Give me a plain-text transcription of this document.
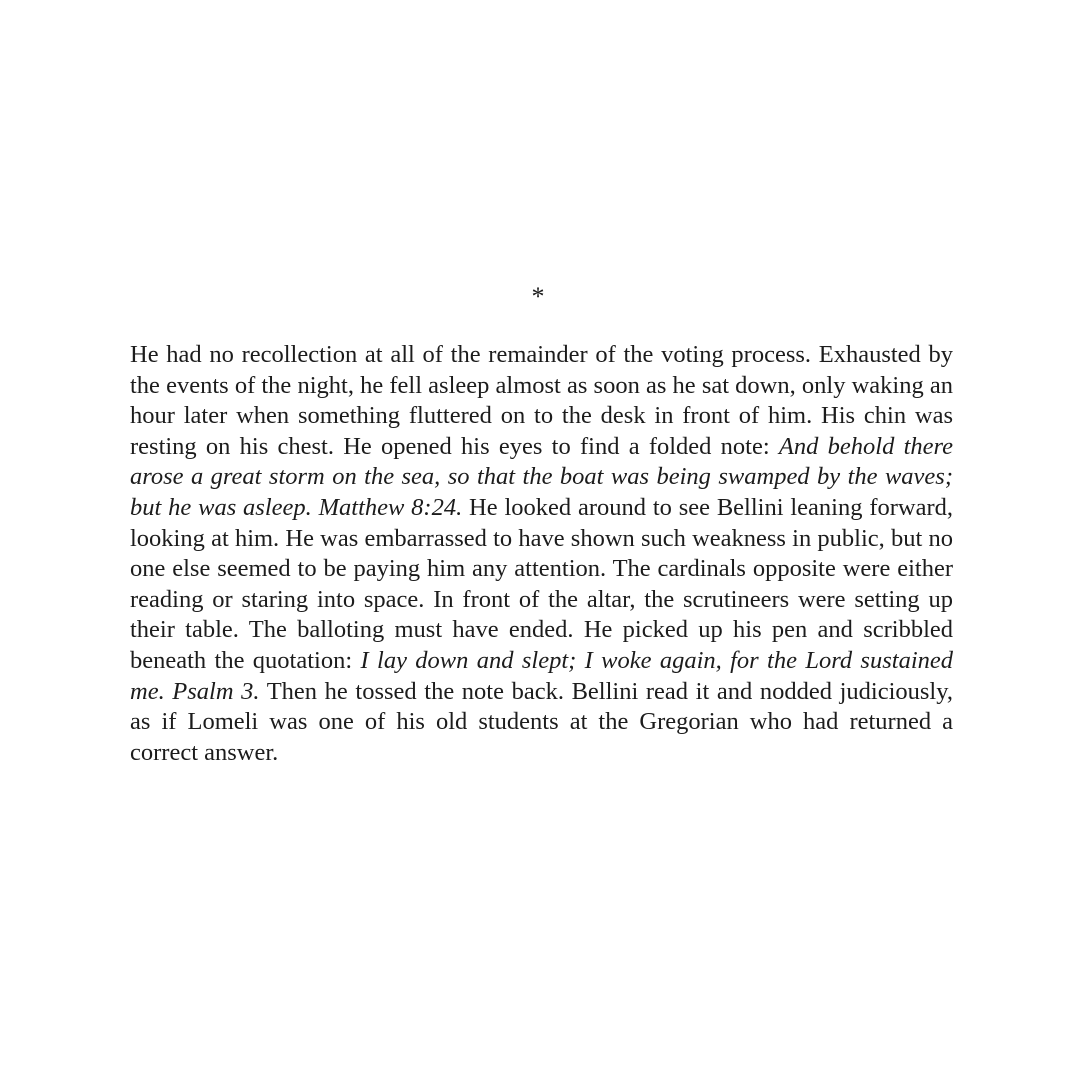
*

He had no recollection at all of the remainder of the voting process. Exhausted by the events of the night, he fell asleep almost as soon as he sat down, only waking an hour later when something fluttered on to the desk in front of him. His chin was resting on his chest. He opened his eyes to find a folded note: And behold there arose a great storm on the sea, so that the boat was being swamped by the waves; but he was asleep. Matthew 8:24. He looked around to see Bellini leaning forward, looking at him. He was embarrassed to have shown such weakness in public, but no one else seemed to be paying him any attention. The cardinals opposite were either reading or staring into space. In front of the altar, the scrutineers were setting up their table. The balloting must have ended. He picked up his pen and scribbled beneath the quotation: I lay down and slept; I woke again, for the Lord sustained me. Psalm 3. Then he tossed the note back. Bellini read it and nodded judiciously, as if Lomeli was one of his old students at the Gregorian who had returned a correct answer.
